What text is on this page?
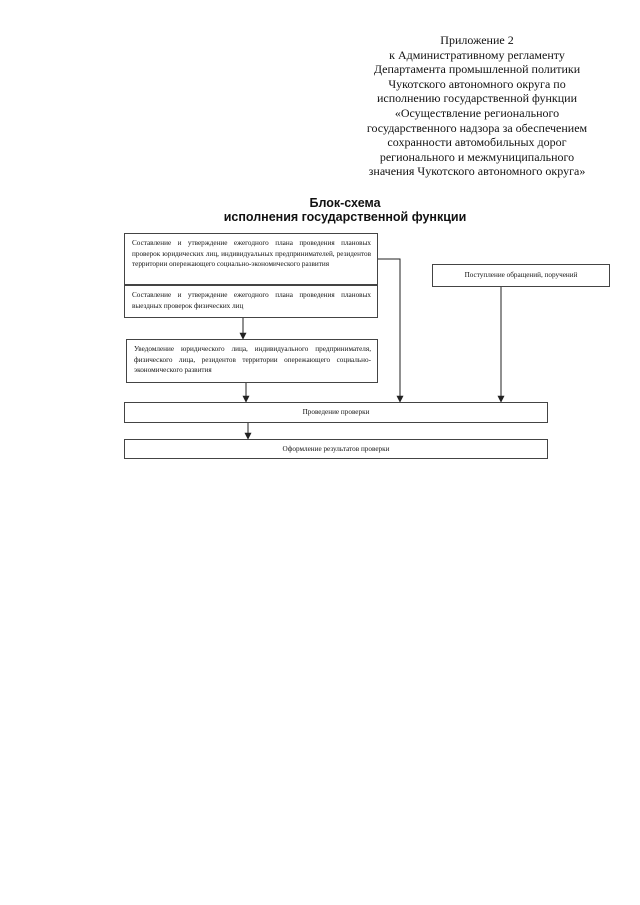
Приложение 2
к Административному регламенту
Департамента промышленной политики
Чукотского автономного округа по
исполнению государственной функции
«Осуществление регионального
государственного надзора за обеспечением
сохранности автомобильных дорог
регионального и межмуниципального
значения Чукотского автономного округа»
Блок-схема
исполнения государственной функции
Составление и утверждение ежегодного плана проведения плановых проверок юридических лиц, индивидуальных предпринимателей, резидентов территории опережающего социально-экономического развития
Составление и утверждение ежегодного плана проведения плановых выездных проверок физических лиц
Поступление обращений, поручений
Уведомление юридического лица, индивидуального предпринимателя, физического лица, резидентов территории опережающего социально-экономического развития
Проведение проверки
Оформление результатов проверки
